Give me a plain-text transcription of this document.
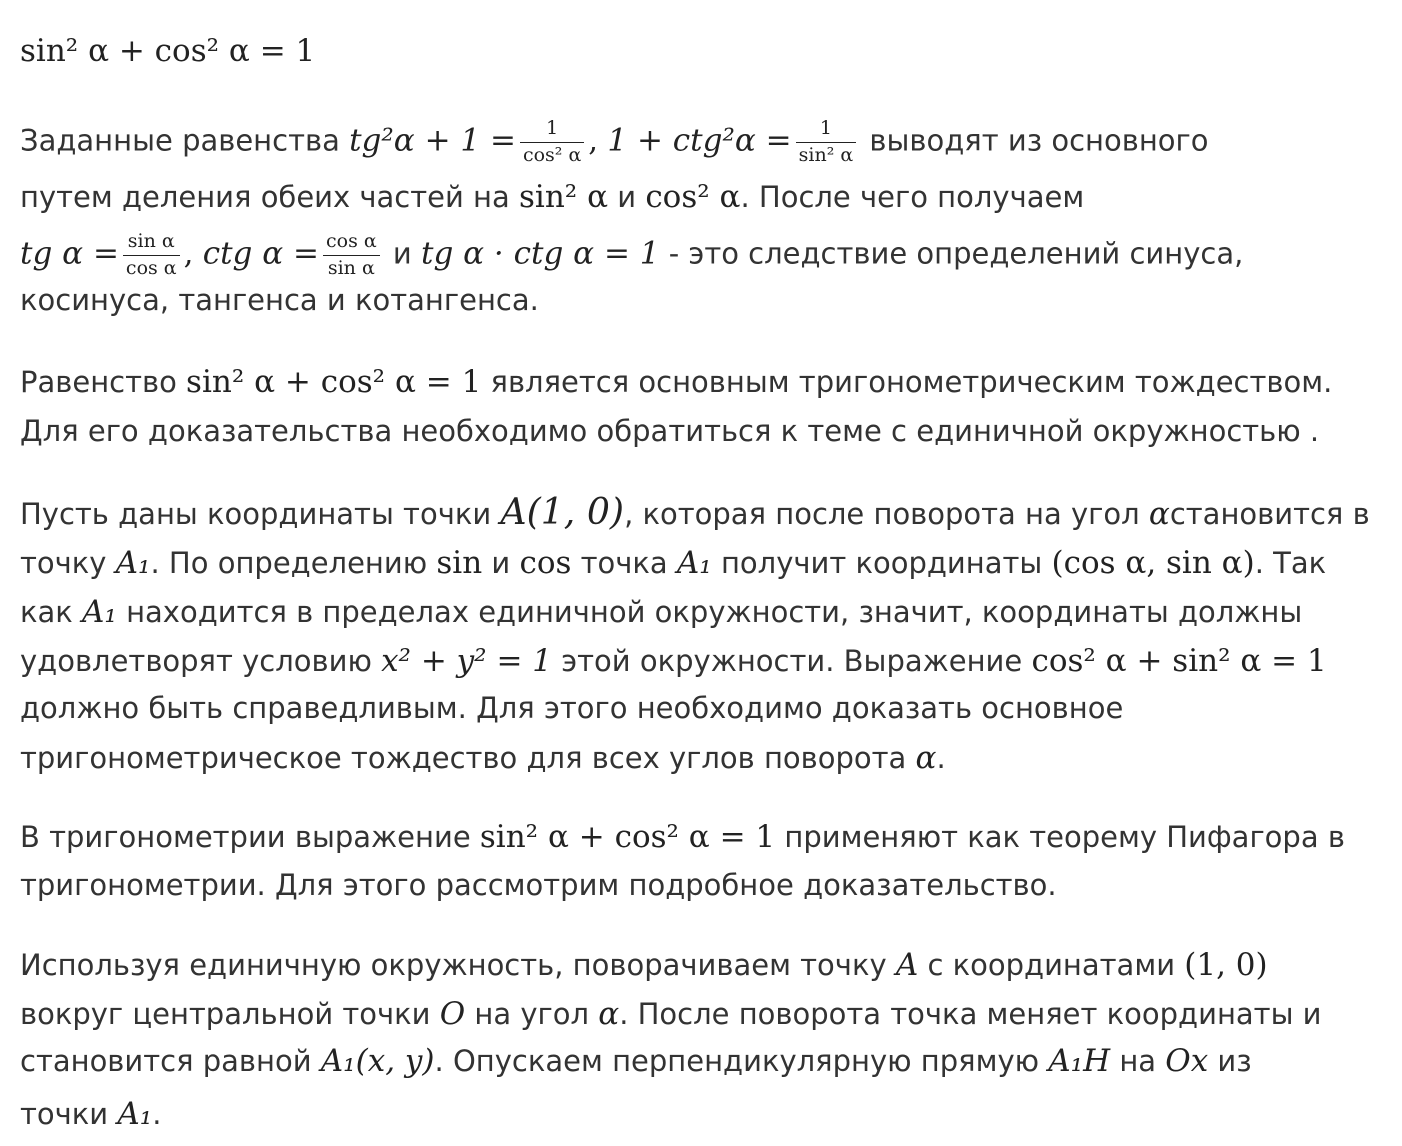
sin² α + cos² α = 1

Заданные равенства $tg^2\alpha + 1 = \frac{1}{\text{cos² α}}$ , $1 + ctg^2\alpha = \frac{1}{\text{sin² α}}$ выводят из основного

путем деления обеих частей на sin² α и cos² α. После чего получаем

tg $\alpha = \frac{\text{sin α}}{\text{cos α}}$ , ctg $\alpha = \frac{\text{cos α}}{\text{sin α}}$ и tg α · ctg α = 1 - это следствие определений синуса,

косинуса, тангенса и котангенса.

Равенство sin² α + cos² α = 1 является основным тригонометрическим тождеством.

Для его доказательства необходимо обратиться к теме с единичной окружностью .

Пусть даны координаты точки A(1, 0), которая после поворота на угол αстановится в

точку A₁. По определению sin и cos точка A₁ получит координаты (cos α, sin α). Так

как A₁ находится в пределах единичной окружности, значит, координаты должны

удовлетворят условию x² + y² = 1 этой окружности. Выражение cos² α + sin² α = 1

должно быть справедливым. Для этого необходимо доказать основное

тригонометрическое тождество для всех углов поворота α.

В тригонометрии выражение sin² α + cos² α = 1 применяют как теорему Пифагора в

тригонометрии. Для этого рассмотрим подробное доказательство.

Используя единичную окружность, поворачиваем точку A с координатами (1, 0)

вокруг центральной точки O на угол α. После поворота точка меняет координаты и

становится равной A₁(x, y). Опускаем перпендикулярную прямую A₁H на Ox из

точки A₁.
